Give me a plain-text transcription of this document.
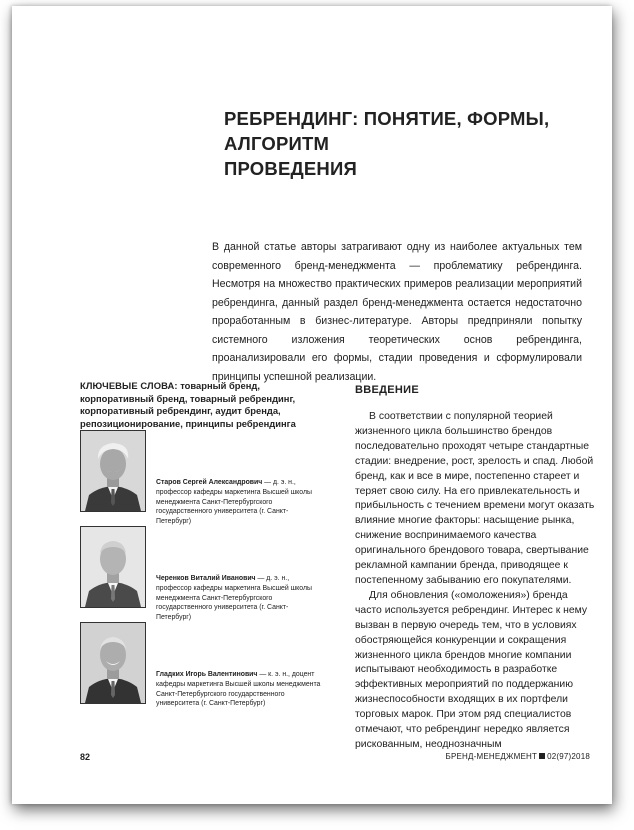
РЕБРЕНДИНГ: ПОНЯТИЕ, ФОРМЫ, АЛГОРИТМ
ПРОВЕДЕНИЯ
В данной статье авторы затрагивают одну из наиболее актуальных тем современного бренд-менеджмента — проблематику ребрендинга. Несмотря на множество практических примеров реализации мероприятий ребрендинга, данный раздел бренд-менеджмента остается недостаточно проработанным в бизнес-литературе. Авторы предприняли попытку системного изложения теоретических основ ребрендинга, проанализировали его формы, стадии проведения и сформулировали принципы успешной реализации.
КЛЮЧЕВЫЕ СЛОВА: товарный бренд, корпоративный бренд, товарный ребрендинг, корпоративный ребрендинг, аудит бренда, репозиционирование, принципы ребрендинга
Старов Сергей Александрович — д. э. н., профессор кафедры маркетинга Высшей школы менеджмента Санкт-Петербургского государственного университета (г. Санкт-Петербург)
Черенков Виталий Иванович — д. э. н., профессор кафедры маркетинга Высшей школы менеджмента Санкт-Петербургского государственного университета (г. Санкт-Петербург)
Гладких Игорь Валентинович — к. э. н., доцент кафедры маркетинга Высшей школы менеджмента Санкт-Петербургского государственного университета (г. Санкт-Петербург)
ВВЕДЕНИЕ

В соответствии с популярной теорией жизненного цикла большинство брендов последовательно проходят четыре стандартные стадии: внедрение, рост, зрелость и спад. Любой бренд, как и все в мире, постепенно стареет и теряет свою силу. На его привлекательность и прибыльность с течением времени могут оказать влияние многие факторы: насыщение рынка, снижение воспринимаемого качества оригинального брендового товара, свертывание рекламной кампании бренда, приводящее к постепенному забыванию его покупателями.

Для обновления («омоложения») бренда часто используется ребрендинг. Интерес к нему вызван в первую очередь тем, что в условиях обостряющейся конкуренции и сокращения жизненного цикла брендов многие компании испытывают необходимость в разработке эффективных мероприятий по поддержанию жизнеспособности входящих в их портфели торговых марок. При этом ряд специалистов отмечают, что ребрендинг нередко является рискованным, неоднозначным

82	БРЕНД-МЕНЕДЖМЕНТ 02(97)2018
